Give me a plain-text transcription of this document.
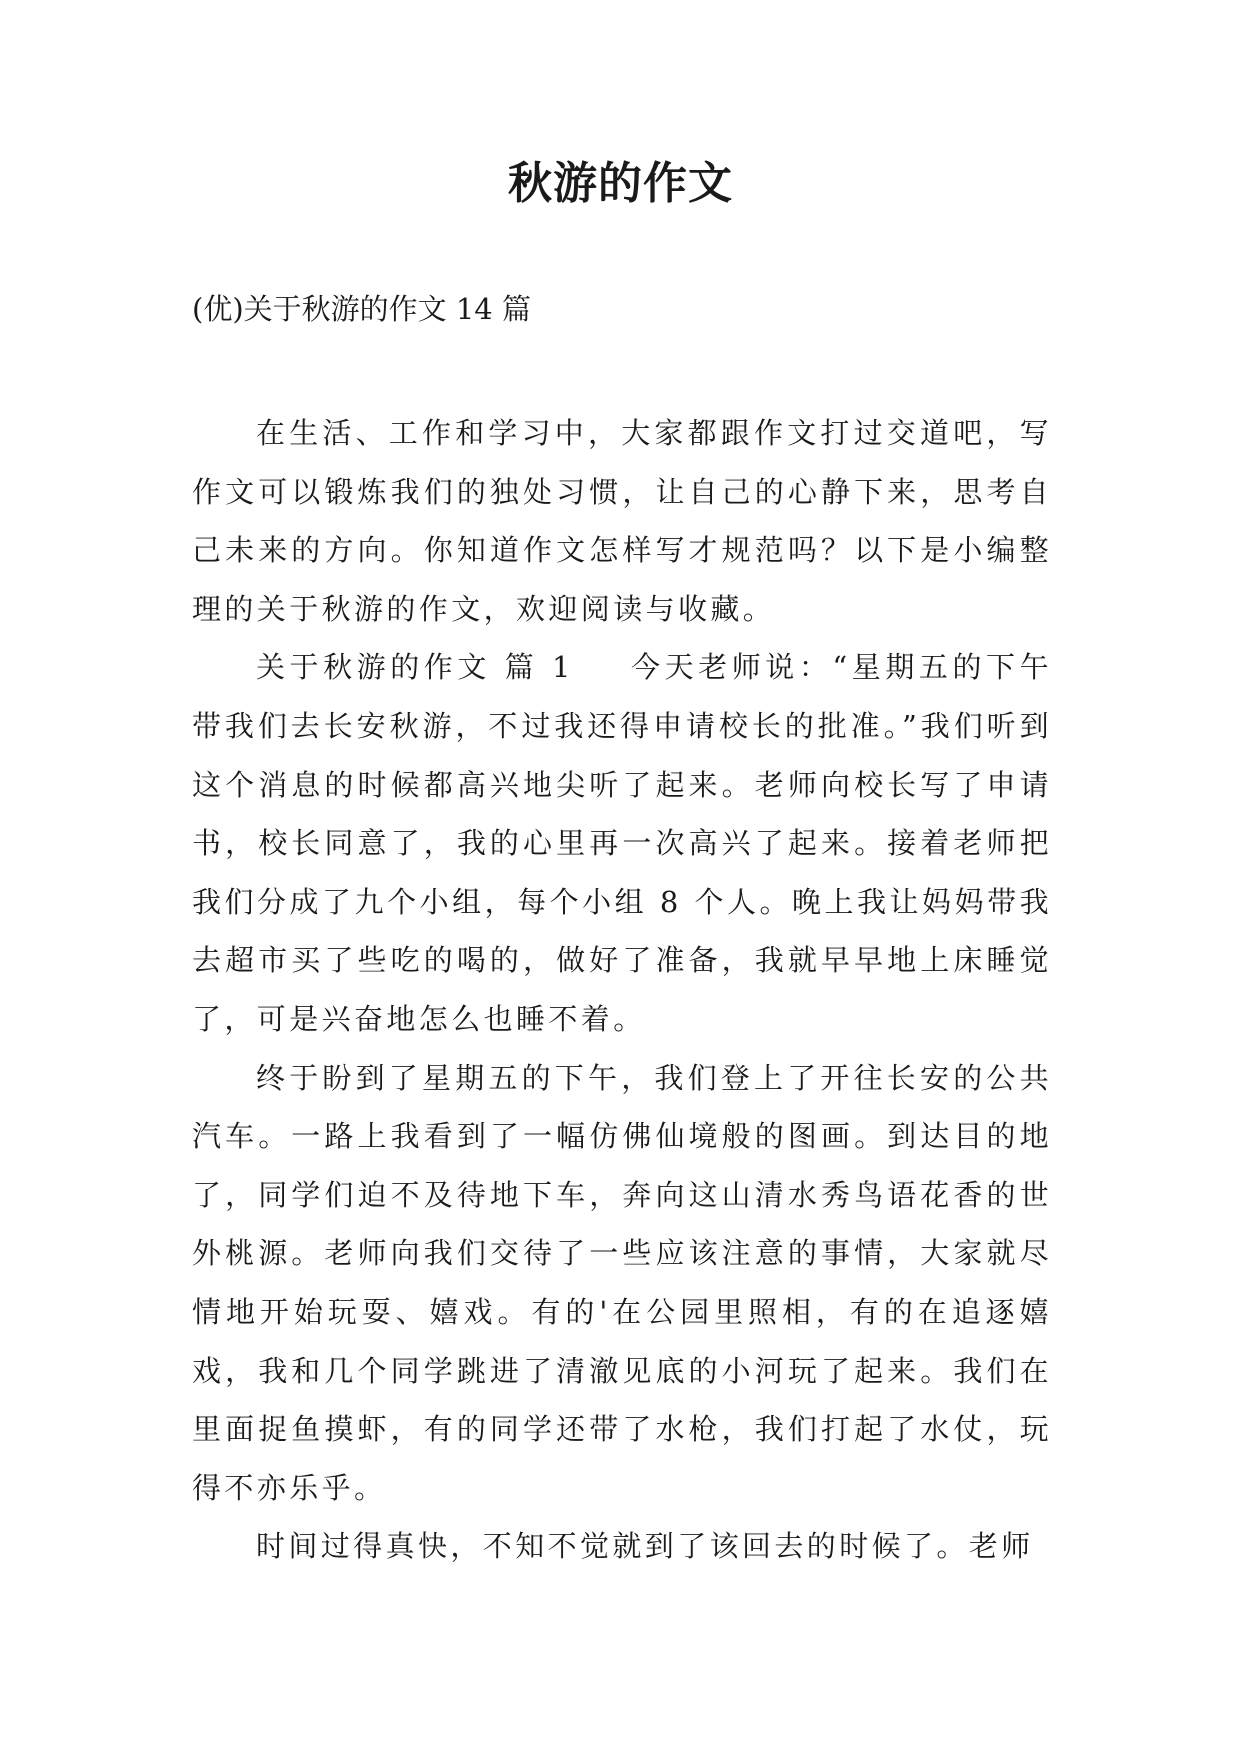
秋游的作文

(优)关于秋游的作文 14 篇

在生活、工作和学习中，大家都跟作文打过交道吧，写作文可以锻炼我们的独处习惯，让自己的心静下来，思考自己未来的方向。你知道作文怎样写才规范吗？以下是小编整理的关于秋游的作文，欢迎阅读与收藏。

关于秋游的作文 篇 1 今天老师说：“星期五的下午带我们去长安秋游，不过我还得申请校长的批准。”我们听到这个消息的时候都高兴地尖听了起来。老师向校长写了申请书，校长同意了，我的心里再一次高兴了起来。接着老师把我们分成了九个小组，每个小组 8 个人。晚上我让妈妈带我去超市买了些吃的喝的，做好了准备，我就早早地上床睡觉了，可是兴奋地怎么也睡不着。

终于盼到了星期五的下午，我们登上了开往长安的公共汽车。一路上我看到了一幅仿佛仙境般的图画。到达目的地了，同学们迫不及待地下车，奔向这山清水秀鸟语花香的世外桃源。老师向我们交待了一些应该注意的事情，大家就尽情地开始玩耍、嬉戏。有的'在公园里照相，有的在追逐嬉戏，我和几个同学跳进了清澈见底的小河玩了起来。我们在里面捉鱼摸虾，有的同学还带了水枪，我们打起了水仗，玩得不亦乐乎。

时间过得真快，不知不觉就到了该回去的时候了。老师
